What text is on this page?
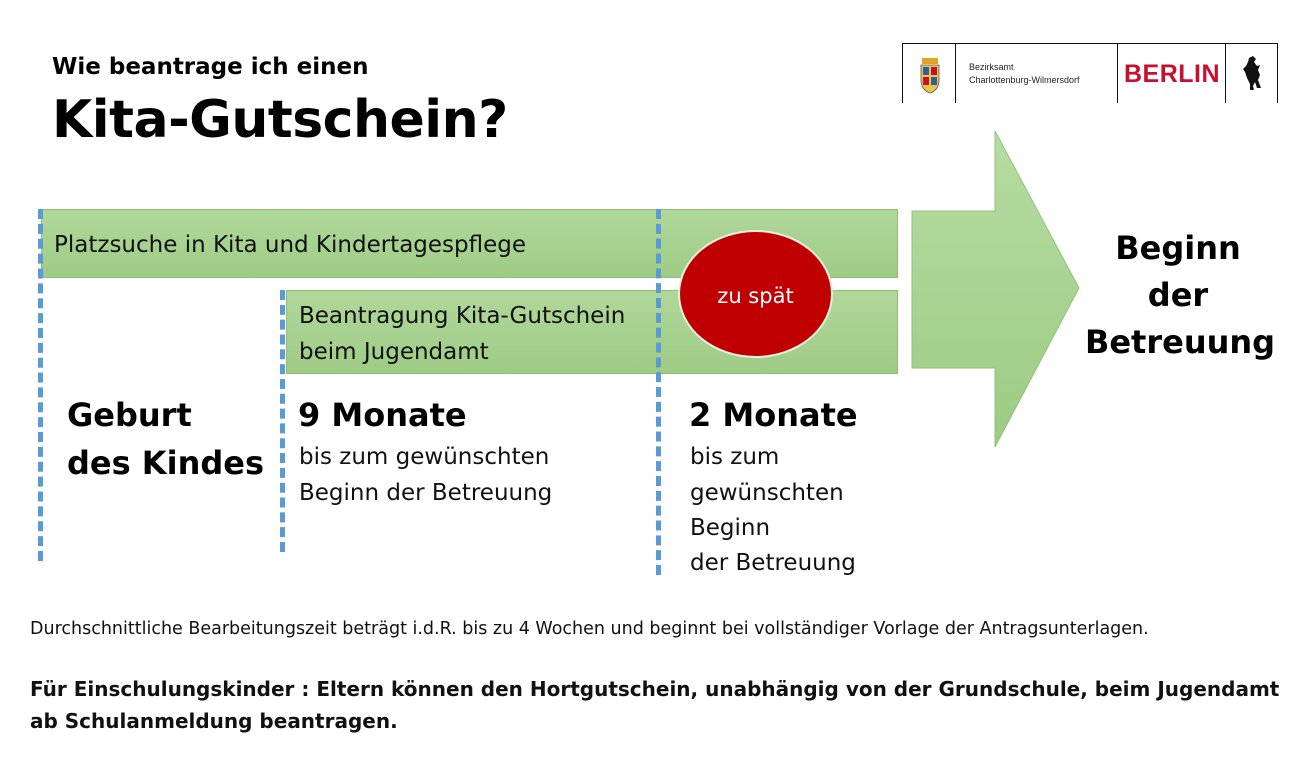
Wie beantrage ich einen
Kita-Gutschein?
Bezirksamt
Charlottenburg-Wilmersdorf	BERLIN
Platzsuche in Kita und Kindertagespflege
Beantragung Kita-Gutschein
beim Jugendamt
zu spät
Beginn
der
Betreuung
Geburt
des Kindes
9 Monate
bis zum gewünschten
Beginn der Betreuung
2 Monate
bis zum
gewünschten
Beginn
der Betreuung
Durchschnittliche Bearbeitungszeit beträgt i.d.R. bis zu 4 Wochen und beginnt bei vollständiger Vorlage der Antragsunterlagen.
Für Einschulungskinder : Eltern können den Hortgutschein, unabhängig von der Grundschule, beim Jugendamt ab Schulanmeldung beantragen.
